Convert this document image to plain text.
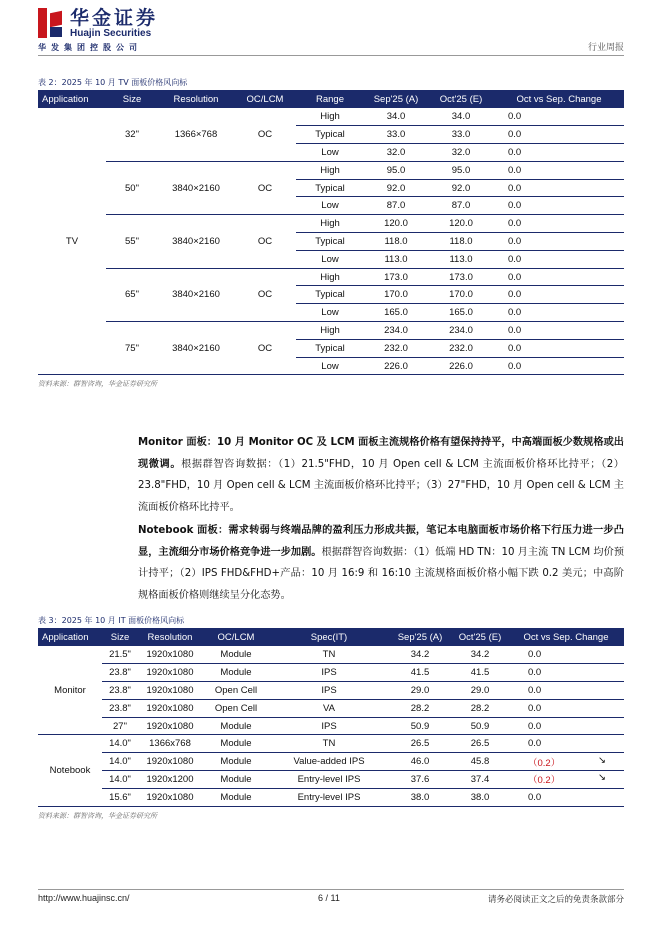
华金证券
Huajin Securities
华发集团控股公司	行业周报
表 2：2025 年 10 月 TV 面板价格风向标
Application	Size	Resolution	OC/LCM	Range	Sep'25 (A)	Oct'25 (E)	Oct vs Sep. Change
TV	32"	1366×768	OC	High	34.0	34.0	0.0
				Typical	33.0	33.0	0.0
				Low	32.0	32.0	0.0
	50"	3840×2160	OC	High	95.0	95.0	0.0
				Typical	92.0	92.0	0.0
				Low	87.0	87.0	0.0
	55"	3840×2160	OC	High	120.0	120.0	0.0
				Typical	118.0	118.0	0.0
				Low	113.0	113.0	0.0
	65"	3840×2160	OC	High	173.0	173.0	0.0
				Typical	170.0	170.0	0.0
				Low	165.0	165.0	0.0
	75"	3840×2160	OC	High	234.0	234.0	0.0
				Typical	232.0	232.0	0.0
				Low	226.0	226.0	0.0
资料来源：群智咨询，华金证券研究所
Monitor 面板：10 月 Monitor OC 及 LCM 面板主流规格价格有望保持持平，中高端面板少数规格或出现微调。根据群智咨询数据：（1）21.5"FHD，10 月 Open cell & LCM 主流面板价格环比持平；（2）23.8"FHD，10 月 Open cell & LCM 主流面板价格环比持平；（3）27"FHD，10 月 Open cell & LCM 主流面板价格环比持平。
Notebook 面板：需求转弱与终端品牌的盈利压力形成共振，笔记本电脑面板市场价格下行压力进一步凸显，主流细分市场价格竞争进一步加剧。根据群智咨询数据：（1）低端 HD TN：10 月主流 TN LCM 均价预计持平；（2）IPS FHD&FHD+产品：10 月 16:9 和 16:10 主流规格面板价格小幅下跌 0.2 美元；中高阶规格面板价格则继续呈分化态势。
表 3：2025 年 10 月 IT 面板价格风向标
Application	Size	Resolution	OC/LCM	Spec(IT)	Sep'25 (A)	Oct'25 (E)	Oct vs Sep. Change
Monitor	21.5"	1920x1080	Module	TN	34.2	34.2	0.0
	23.8"	1920x1080	Module	IPS	41.5	41.5	0.0
	23.8"	1920x1080	Open Cell	IPS	29.0	29.0	0.0
	23.8"	1920x1080	Open Cell	VA	28.2	28.2	0.0
	27"	1920x1080	Module	IPS	50.9	50.9	0.0
Notebook	14.0"	1366x768	Module	TN	26.5	26.5	0.0
	14.0"	1920x1080	Module	Value-added IPS	46.0	45.8	（0.2） ↘

	14.0"	1920x1200	Module	Entry-level IPS	37.6	37.4	（0.2） ↘

	15.6"	1920x1080	Module	Entry-level IPS	38.0	38.0	0.0
资料来源：群智咨询，华金证券研究所
http://www.huajinsc.cn/	6 / 11	请务必阅读正文之后的免责条款部分
